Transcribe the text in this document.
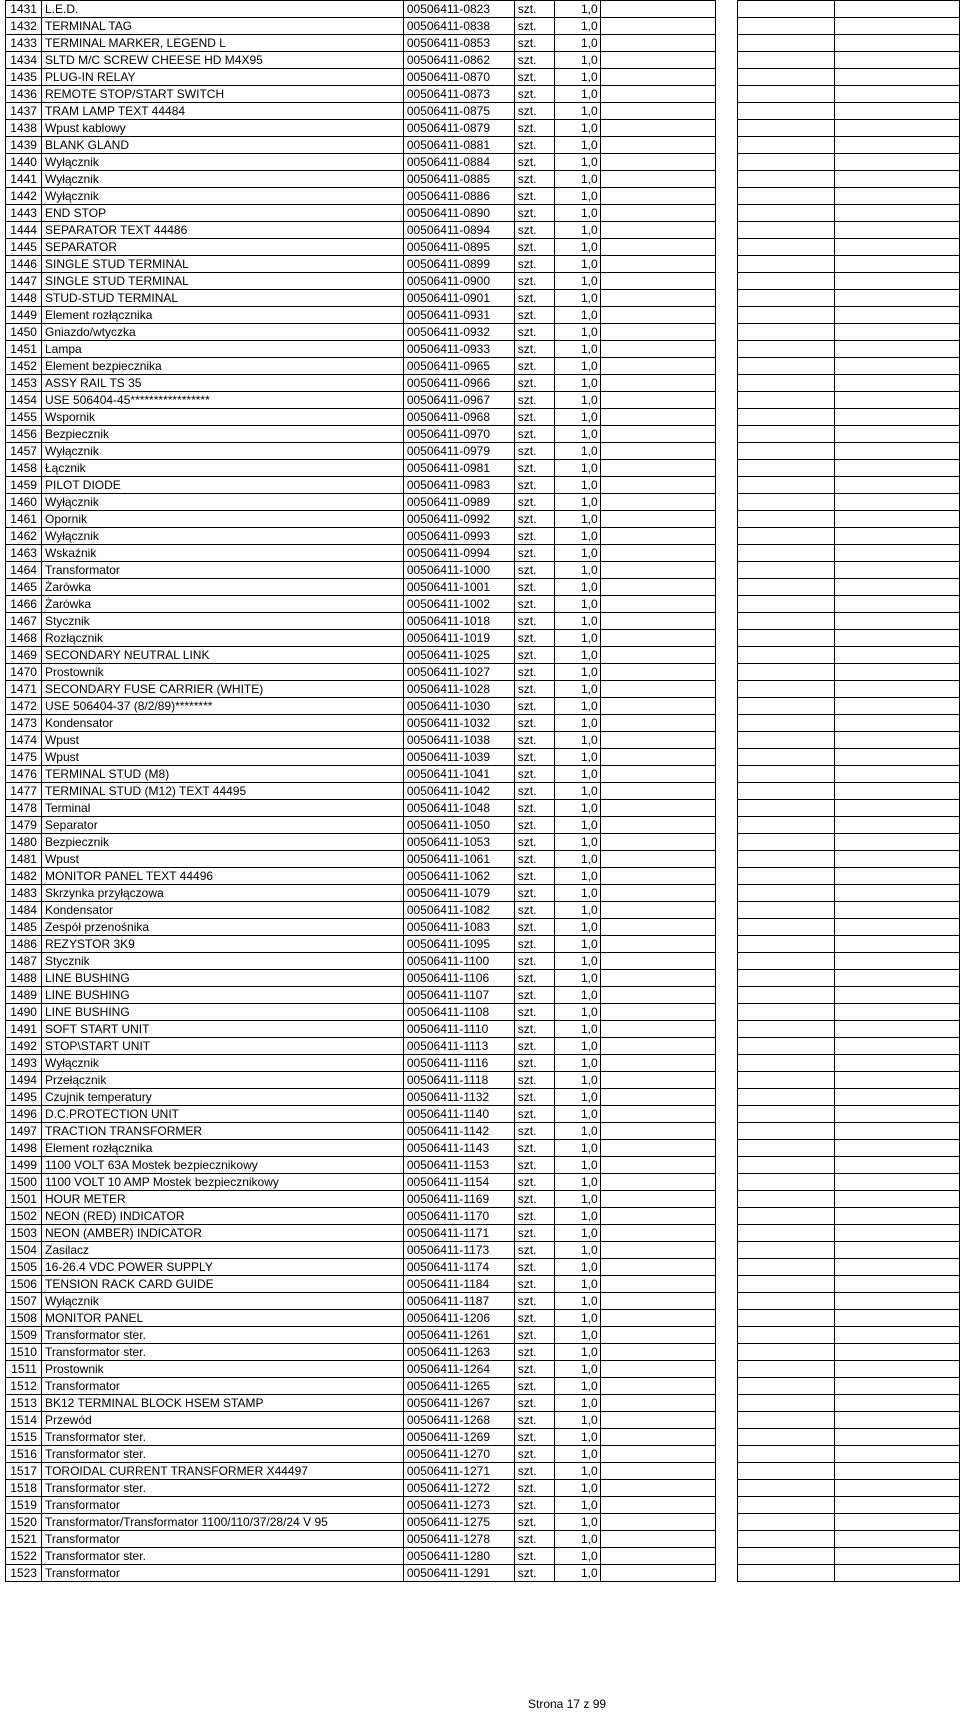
1431	L.E.D.	00506411-0823	szt.	1,0				
1432	TERMINAL TAG	00506411-0838	szt.	1,0				
1433	TERMINAL MARKER, LEGEND L	00506411-0853	szt.	1,0				
1434	SLTD M/C SCREW CHEESE HD M4X95	00506411-0862	szt.	1,0				
1435	PLUG-IN RELAY	00506411-0870	szt.	1,0				
1436	REMOTE STOP/START SWITCH	00506411-0873	szt.	1,0				
1437	TRAM LAMP TEXT 44484	00506411-0875	szt.	1,0				
1438	Wpust kablowy	00506411-0879	szt.	1,0				
1439	BLANK GLAND	00506411-0881	szt.	1,0				
1440	Wyłącznik	00506411-0884	szt.	1,0				
1441	Wyłącznik	00506411-0885	szt.	1,0				
1442	Wyłącznik	00506411-0886	szt.	1,0				
1443	END STOP	00506411-0890	szt.	1,0				
1444	SEPARATOR TEXT 44486	00506411-0894	szt.	1,0				
1445	SEPARATOR	00506411-0895	szt.	1,0				
1446	SINGLE STUD TERMINAL	00506411-0899	szt.	1,0				
1447	SINGLE STUD TERMINAL	00506411-0900	szt.	1,0				
1448	STUD-STUD TERMINAL	00506411-0901	szt.	1,0				
1449	Element rozłącznika	00506411-0931	szt.	1,0				
1450	Gniazdo/wtyczka	00506411-0932	szt.	1,0				
1451	Lampa	00506411-0933	szt.	1,0				
1452	Element bezpiecznika	00506411-0965	szt.	1,0				
1453	ASSY RAIL TS 35	00506411-0966	szt.	1,0				
1454	USE 506404-45*****************	00506411-0967	szt.	1,0				
1455	Wspornik	00506411-0968	szt.	1,0				
1456	Bezpiecznik	00506411-0970	szt.	1,0				
1457	Wyłącznik	00506411-0979	szt.	1,0				
1458	Łącznik	00506411-0981	szt.	1,0				
1459	PILOT DIODE	00506411-0983	szt.	1,0				
1460	Wyłącznik	00506411-0989	szt.	1,0				
1461	Opornik	00506411-0992	szt.	1,0				
1462	Wyłącznik	00506411-0993	szt.	1,0				
1463	Wskaźnik	00506411-0994	szt.	1,0				
1464	Transformator	00506411-1000	szt.	1,0				
1465	Żarówka	00506411-1001	szt.	1,0				
1466	Żarówka	00506411-1002	szt.	1,0				
1467	Stycznik	00506411-1018	szt.	1,0				
1468	Rozłącznik	00506411-1019	szt.	1,0				
1469	SECONDARY NEUTRAL LINK	00506411-1025	szt.	1,0				
1470	Prostownik	00506411-1027	szt.	1,0				
1471	SECONDARY FUSE CARRIER (WHITE)	00506411-1028	szt.	1,0				
1472	USE 506404-37 (8/2/89)********	00506411-1030	szt.	1,0				
1473	Kondensator	00506411-1032	szt.	1,0				
1474	Wpust	00506411-1038	szt.	1,0				
1475	Wpust	00506411-1039	szt.	1,0				
1476	TERMINAL STUD (M8)	00506411-1041	szt.	1,0				
1477	TERMINAL STUD (M12) TEXT 44495	00506411-1042	szt.	1,0				
1478	Terminal	00506411-1048	szt.	1,0				
1479	Separator	00506411-1050	szt.	1,0				
1480	Bezpiecznik	00506411-1053	szt.	1,0				
1481	Wpust	00506411-1061	szt.	1,0				
1482	MONITOR PANEL TEXT 44496	00506411-1062	szt.	1,0				
1483	Skrzynka przyłączowa	00506411-1079	szt.	1,0				
1484	Kondensator	00506411-1082	szt.	1,0				
1485	Zespół przenośnika	00506411-1083	szt.	1,0				
1486	REZYSTOR 3K9	00506411-1095	szt.	1,0				
1487	Stycznik	00506411-1100	szt.	1,0				
1488	LINE BUSHING	00506411-1106	szt.	1,0				
1489	LINE BUSHING	00506411-1107	szt.	1,0				
1490	LINE BUSHING	00506411-1108	szt.	1,0				
1491	SOFT START UNIT	00506411-1110	szt.	1,0				
1492	STOP\START UNIT	00506411-1113	szt.	1,0				
1493	Wyłącznik	00506411-1116	szt.	1,0				
1494	Przełącznik	00506411-1118	szt.	1,0				
1495	Czujnik temperatury	00506411-1132	szt.	1,0				
1496	D.C.PROTECTION UNIT	00506411-1140	szt.	1,0				
1497	TRACTION TRANSFORMER	00506411-1142	szt.	1,0				
1498	Element rozłącznika	00506411-1143	szt.	1,0				
1499	1100 VOLT 63A Mostek bezpiecznikowy	00506411-1153	szt.	1,0				
1500	1100 VOLT 10 AMP Mostek bezpiecznikowy	00506411-1154	szt.	1,0				
1501	HOUR METER	00506411-1169	szt.	1,0				
1502	NEON (RED) INDICATOR	00506411-1170	szt.	1,0				
1503	NEON (AMBER) INDICATOR	00506411-1171	szt.	1,0				
1504	Zasilacz	00506411-1173	szt.	1,0				
1505	16-26.4 VDC POWER SUPPLY	00506411-1174	szt.	1,0				
1506	TENSION RACK CARD GUIDE	00506411-1184	szt.	1,0				
1507	Wyłącznik	00506411-1187	szt.	1,0				
1508	MONITOR PANEL	00506411-1206	szt.	1,0				
1509	Transformator ster.	00506411-1261	szt.	1,0				
1510	Transformator ster.	00506411-1263	szt.	1,0				
1511	Prostownik	00506411-1264	szt.	1,0				
1512	Transformator	00506411-1265	szt.	1,0				
1513	BK12 TERMINAL BLOCK HSEM STAMP	00506411-1267	szt.	1,0				
1514	Przewód	00506411-1268	szt.	1,0				
1515	Transformator ster.	00506411-1269	szt.	1,0				
1516	Transformator ster.	00506411-1270	szt.	1,0				
1517	TOROIDAL CURRENT TRANSFORMER X44497	00506411-1271	szt.	1,0				
1518	Transformator ster.	00506411-1272	szt.	1,0				
1519	Transformator	00506411-1273	szt.	1,0				
1520	Transformator/Transformator 1100/110/37/28/24 V 95	00506411-1275	szt.	1,0				
1521	Transformator	00506411-1278	szt.	1,0				
1522	Transformator ster.	00506411-1280	szt.	1,0				
1523	Transformator	00506411-1291	szt.	1,0				
Strona 17 z 99
